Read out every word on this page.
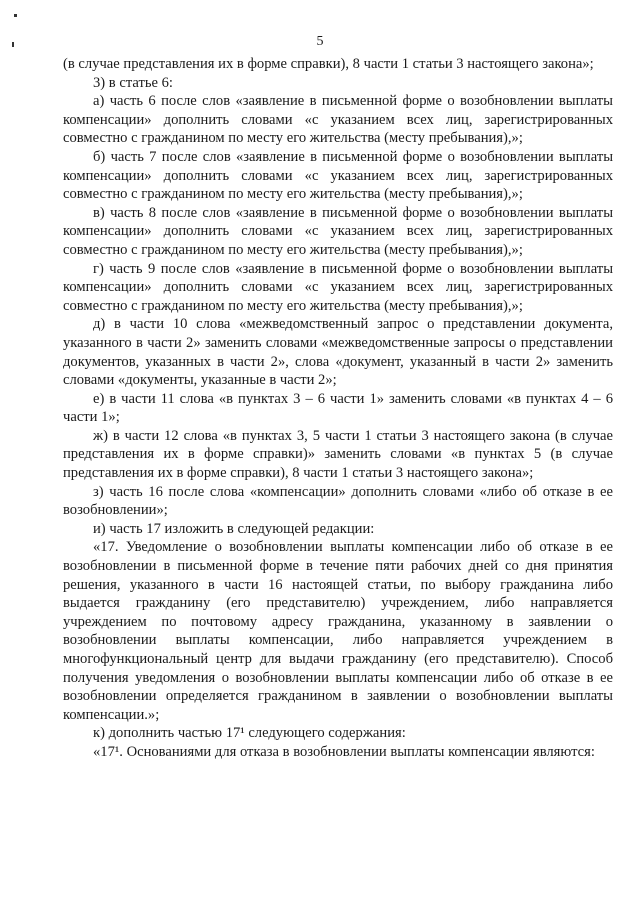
5

(в случае представления их в форме справки), 8 части 1 статьи 3 настоящего закона»;

3) в статье 6:

а) часть 6 после слов «заявление в письменной форме о возобновлении выплаты компенсации» дополнить словами «с указанием всех лиц, зарегистрированных совместно с гражданином по месту его жительства (месту пребывания),»;

б) часть 7 после слов «заявление в письменной форме о возобновлении выплаты компенсации» дополнить словами «с указанием всех лиц, зарегистрированных совместно с гражданином по месту его жительства (месту пребывания),»;

в) часть 8 после слов «заявление в письменной форме о возобновлении выплаты компенсации» дополнить словами «с указанием всех лиц, зарегистрированных совместно с гражданином по месту его жительства (месту пребывания),»;

г) часть 9 после слов «заявление в письменной форме о возобновлении выплаты компенсации» дополнить словами «с указанием всех лиц, зарегистрированных совместно с гражданином по месту его жительства (месту пребывания),»;

д) в части 10 слова «межведомственный запрос о представлении документа, указанного в части 2» заменить словами «межведомственные запросы о представлении документов, указанных в части 2», слова «документ, указанный в части 2» заменить словами «документы, указанные в части 2»;

е) в части 11 слова «в пунктах 3 – 6 части 1» заменить словами «в пунктах 4 – 6 части 1»;

ж) в части 12 слова «в пунктах 3, 5 части 1 статьи 3 настоящего закона (в случае представления их в форме справки)» заменить словами «в пунктах 5 (в случае представления их в форме справки), 8 части 1 статьи 3 настоящего закона»;

з) часть 16 после слова «компенсации» дополнить словами «либо об отказе в ее возобновлении»;

и) часть 17 изложить в следующей редакции:

«17. Уведомление о возобновлении выплаты компенсации либо об отказе в ее возобновлении в письменной форме в течение пяти рабочих дней со дня принятия решения, указанного в части 16 настоящей статьи, по выбору гражданина либо выдается гражданину (его представителю) учреждением, либо направляется учреждением по почтовому адресу гражданина, указанному в заявлении о возобновлении выплаты компенсации, либо направляется учреждением в многофункциональный центр для выдачи гражданину (его представителю). Способ получения уведомления о возобновлении выплаты компенсации либо об отказе в ее возобновлении определяется гражданином в заявлении о возобновлении выплаты компенсации.»;

к) дополнить частью 17¹ следующего содержания:

«17¹. Основаниями для отказа в возобновлении выплаты компенсации являются:
